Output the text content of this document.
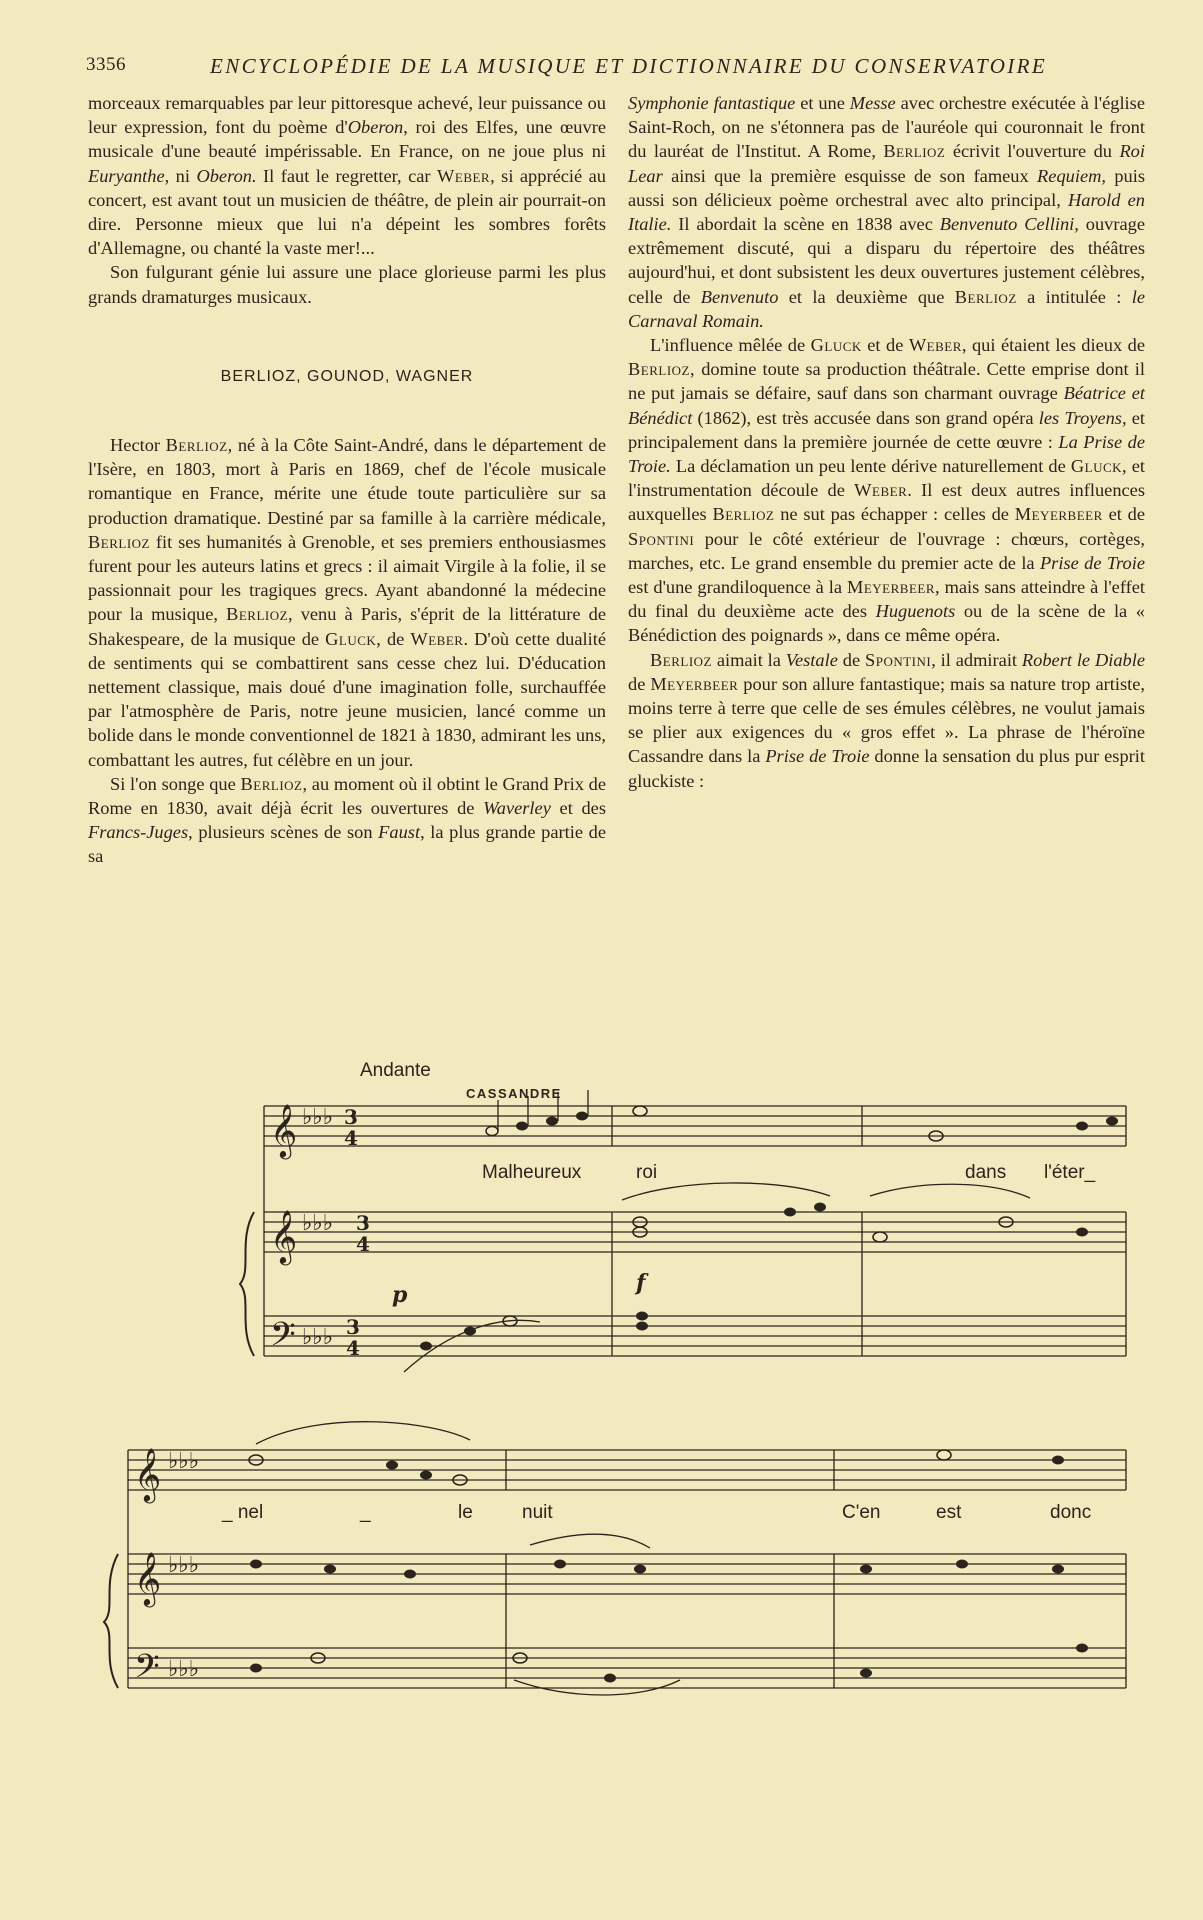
3356	ENCYCLOPÉDIE DE LA MUSIQUE ET DICTIONNAIRE DU CONSERVATOIRE

morceaux remarquables par leur pittoresque achevé, leur puissance ou leur expression, font du poème d'Oberon, roi des Elfes, une œuvre musicale d'une beauté impérissable. En France, on ne joue plus ni Euryanthe, ni Oberon. Il faut le regretter, car Weber, si apprécié au concert, est avant tout un musicien de théâtre, de plein air pourrait-on dire. Personne mieux que lui n'a dépeint les sombres forêts d'Allemagne, ou chanté la vaste mer!...

Son fulgurant génie lui assure une place glorieuse parmi les plus grands dramaturges musicaux.

BERLIOZ, GOUNOD, WAGNER

Hector Berlioz, né à la Côte Saint-André, dans le département de l'Isère, en 1803, mort à Paris en 1869, chef de l'école musicale romantique en France, mérite une étude toute particulière sur sa production dramatique. Destiné par sa famille à la carrière médicale, Berlioz fit ses humanités à Grenoble, et ses premiers enthousiasmes furent pour les auteurs latins et grecs : il aimait Virgile à la folie, il se passionnait pour les tragiques grecs. Ayant abandonné la médecine pour la musique, Berlioz, venu à Paris, s'éprit de la littérature de Shakespeare, de la musique de Gluck, de Weber. D'où cette dualité de sentiments qui se combattirent sans cesse chez lui. D'éducation nettement classique, mais doué d'une imagination folle, surchauffée par l'atmosphère de Paris, notre jeune musicien, lancé comme un bolide dans le monde conventionnel de 1821 à 1830, admirant les uns, combattant les autres, fut célèbre en un jour.

Si l'on songe que Berlioz, au moment où il obtint le Grand Prix de Rome en 1830, avait déjà écrit les ouvertures de Waverley et des Francs-Juges, plusieurs scènes de son Faust, la plus grande partie de sa

Symphonie fantastique et une Messe avec orchestre exécutée à l'église Saint-Roch, on ne s'étonnera pas de l'auréole qui couronnait le front du lauréat de l'Institut. A Rome, Berlioz écrivit l'ouverture du Roi Lear ainsi que la première esquisse de son fameux Requiem, puis aussi son délicieux poème orchestral avec alto principal, Harold en Italie. Il abordait la scène en 1838 avec Benvenuto Cellini, ouvrage extrêmement discuté, qui a disparu du répertoire des théâtres aujourd'hui, et dont subsistent les deux ouvertures justement célèbres, celle de Benvenuto et la deuxième que Berlioz a intitulée : le Carnaval Romain.

L'influence mêlée de Gluck et de Weber, qui étaient les dieux de Berlioz, domine toute sa production théâtrale. Cette emprise dont il ne put jamais se défaire, sauf dans son charmant ouvrage Béatrice et Bénédict (1862), est très accusée dans son grand opéra les Troyens, et principalement dans la première journée de cette œuvre : La Prise de Troie. La déclamation un peu lente dérive naturellement de Gluck, et l'instrumentation découle de Weber. Il est deux autres influences auxquelles Berlioz ne sut pas échapper : celles de Meyerbeer et de Spontini pour le côté extérieur de l'ouvrage : chœurs, cortèges, marches, etc. Le grand ensemble du premier acte de la Prise de Troie est d'une grandiloquence à la Meyerbeer, mais sans atteindre à l'effet du final du deuxième acte des Huguenots ou de la scène de la « Bénédiction des poignards », dans ce même opéra.

Berlioz aimait la Vestale de Spontini, il admirait Robert le Diable de Meyerbeer pour son allure fantastique; mais sa nature trop artiste, moins terre à terre que celle de ses émules célèbres, ne voulut jamais se plier aux exigences du « gros effet ». La phrase de l'héroïne Cassandre dans la Prise de Troie donne la sensation du plus pur esprit gluckiste :

Andante
CASSANDRE
𝄞
𝄞
𝄢
𝄞
𝄞
𝄢
♭♭♭
♭♭♭
♭♭♭
♭♭♭
♭♭♭
♭♭♭
3
4
3
4
3
4
p	f
Malheureux	roi	dans l'éter_
_ nel	_	le	nuit	C'en	est	donc
